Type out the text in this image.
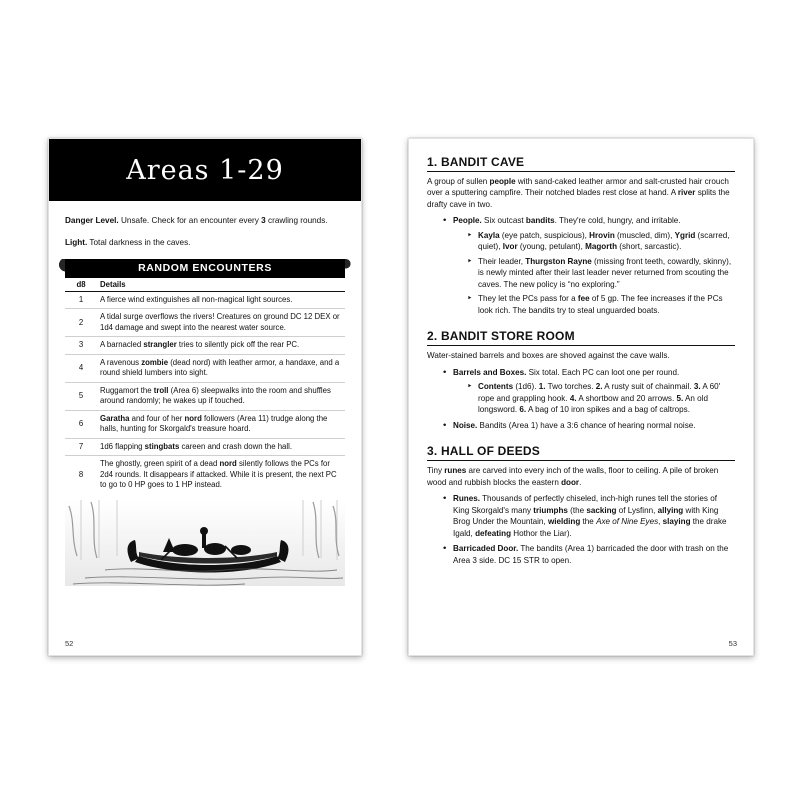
Areas 1-29
Danger Level. Unsafe. Check for an encounter every 3 crawling rounds.
Light. Total darkness in the caves.
RANDOM ENCOUNTERS
d8	Details
1	A fierce wind extinguishes all non-magical light sources.
2	A tidal surge overflows the rivers! Creatures on ground DC 12 DEX or 1d4 damage and swept into the nearest water source.
3	A barnacled strangler tries to silently pick off the rear PC.
4	A ravenous zombie (dead nord) with leather armor, a handaxe, and a round shield lumbers into sight.
5	Ruggamort the troll (Area 6) sleepwalks into the room and shuffles around randomly; he wakes up if touched.
6	Garatha and four of her nord followers (Area 11) trudge along the halls, hunting for Skorgald's treasure hoard.
7	1d6 flapping stingbats careen and crash down the hall.
8	The ghostly, green spirit of a dead nord silently follows the PCs for 2d4 rounds. It disappears if attacked. While it is present, the next PC to go to 0 HP goes to 1 HP instead.
52
1. BANDIT CAVE

A group of sullen people with sand-caked leather armor and salt-crusted hair crouch over a sputtering campfire. Their notched blades rest close at hand. A river splits the drafty cave in two.

• People. Six outcast bandits. They're cold, hungry, and irritable.
‣ Kayla (eye patch, suspicious), Hrovin (muscled, dim), Ygrid (scarred, quiet), Ivor (young, petulant), Magorth (short, sarcastic).
‣ Their leader, Thurgston Rayne (missing front teeth, cowardly, skinny), is newly minted after their last leader never returned from scouting the caves. The new policy is “no exploring.”
‣ They let the PCs pass for a fee of 5 gp. The fee increases if the PCs look rich. The bandits try to steal unguarded boats.
2. BANDIT STORE ROOM

Water-stained barrels and boxes are shoved against the cave walls.

• Barrels and Boxes. Six total. Each PC can loot one per round.
‣ Contents (1d6). 1. Two torches. 2. A rusty suit of chainmail. 3. A 60' rope and grappling hook. 4. A shortbow and 20 arrows. 5. An old longsword. 6. A bag of 10 iron spikes and a bag of caltrops.
• Noise. Bandits (Area 1) have a 3:6 chance of hearing normal noise.
3. HALL OF DEEDS

Tiny runes are carved into every inch of the walls, floor to ceiling. A pile of broken wood and rubbish blocks the eastern door.

• Runes. Thousands of perfectly chiseled, inch-high runes tell the stories of King Skorgald's many triumphs (the sacking of Lysfinn, allying with King Brog Under the Mountain, wielding the Axe of Nine Eyes, slaying the drake Igald, defeating Hothor the Liar).
• Barricaded Door. The bandits (Area 1) barricaded the door with trash on the Area 3 side. DC 15 STR to open.
53
